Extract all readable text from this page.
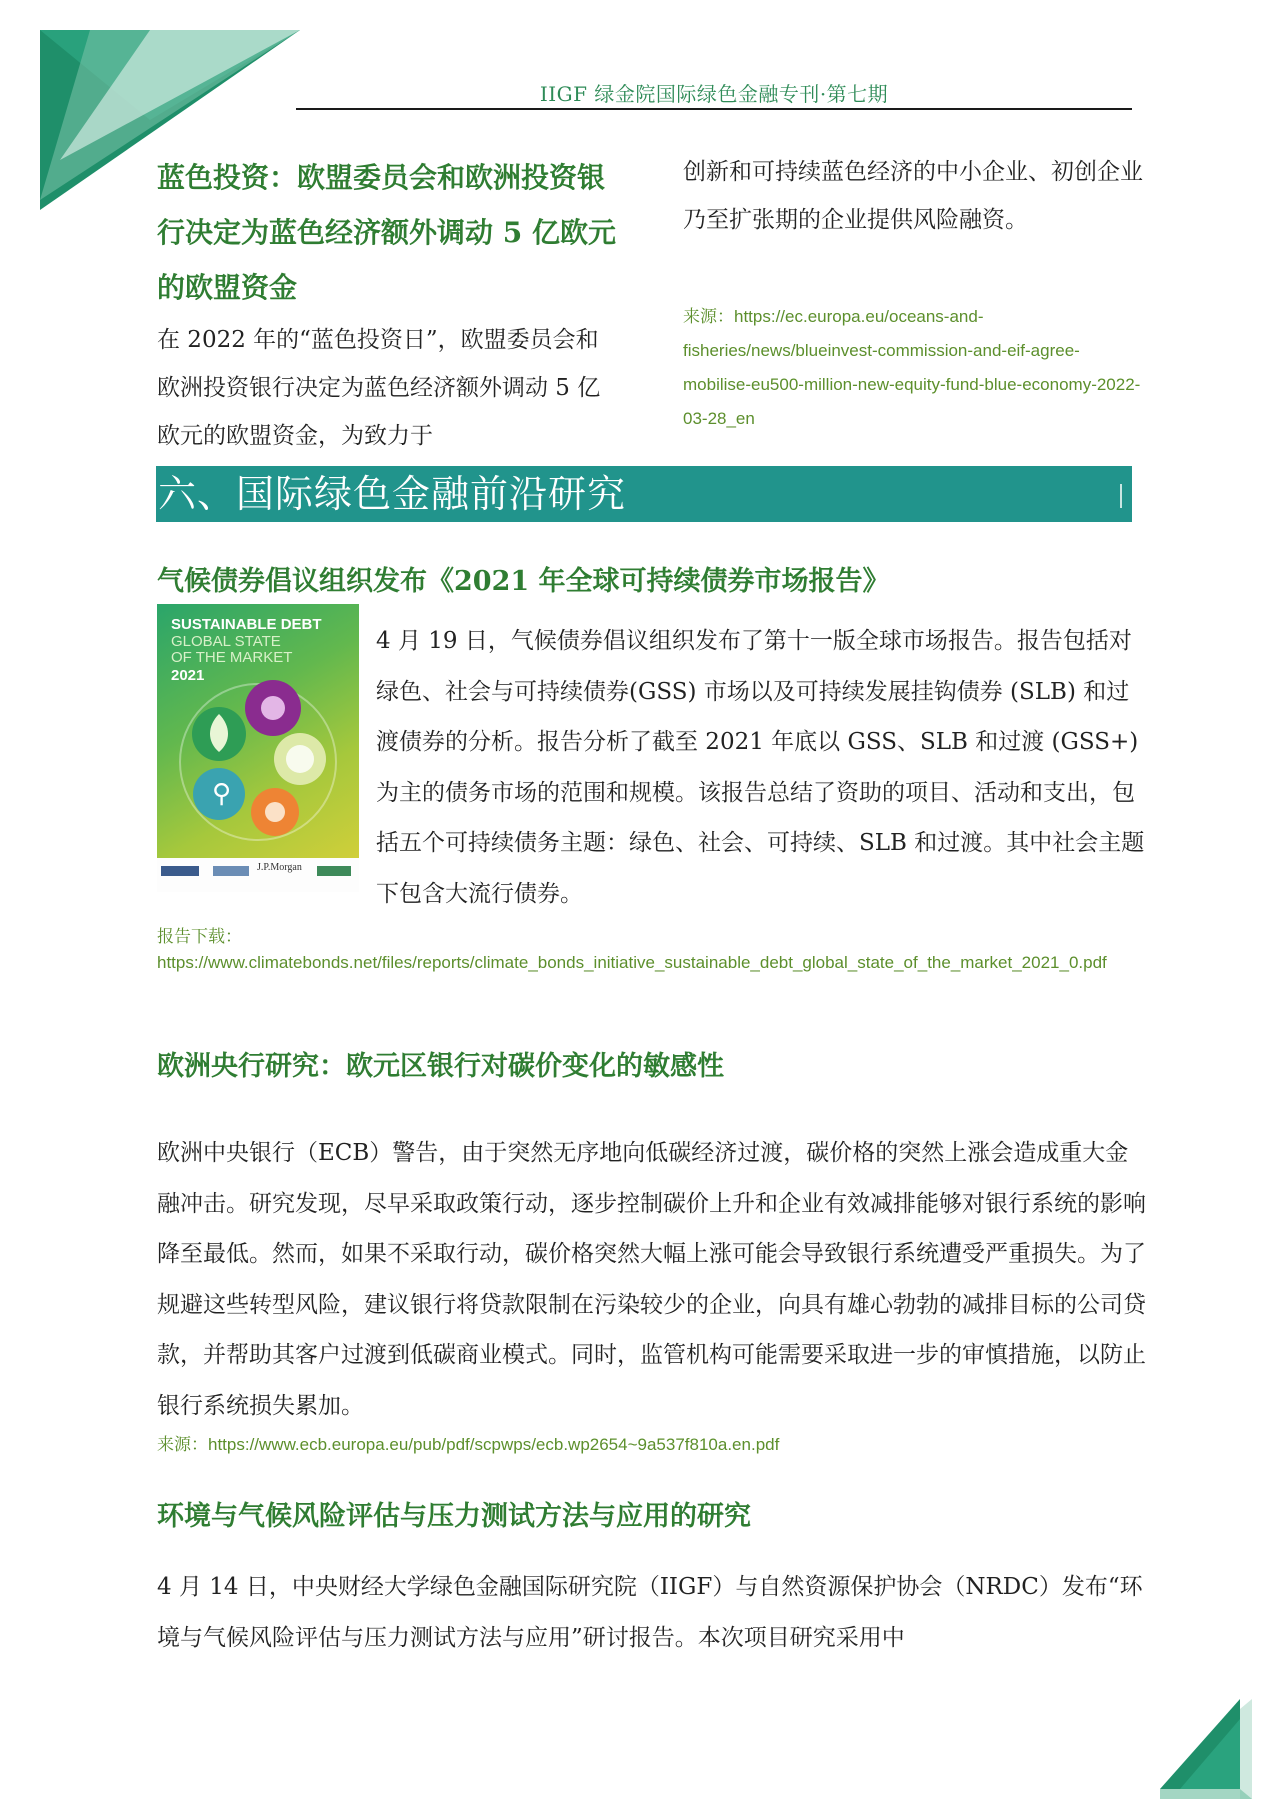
IIGF 绿金院国际绿色金融专刊·第七期
蓝色投资：欧盟委员会和欧洲投资银行决定为蓝色经济额外调动 5 亿欧元的欧盟资金
在 2022 年的“蓝色投资日”，欧盟委员会和欧洲投资银行决定为蓝色经济额外调动 5 亿欧元的欧盟资金，为致力于
创新和可持续蓝色经济的中小企业、初创企业乃至扩张期的企业提供风险融资。
来源：https://ec.europa.eu/oceans-and-fisheries/news/blueinvest-commission-and-eif-agree-mobilise-eu500-million-new-equity-fund-blue-economy-2022-03-28_en
六、国际绿色金融前沿研究
气候债券倡议组织发布《2021 年全球可持续债券市场报告》
SUSTAINABLE DEBT
GLOBAL STATE
OF THE MARKET
2021
⚲
J.P.Morgan
4 月 19 日，气候债券倡议组织发布了第十一版全球市场报告。报告包括对绿色、社会与可持续债券(GSS) 市场以及可持续发展挂钩债券 (SLB) 和过渡债券的分析。报告分析了截至 2021 年底以 GSS、SLB 和过渡 (GSS+) 为主的债务市场的范围和规模。该报告总结了资助的项目、活动和支出，包括五个可持续债务主题：绿色、社会、可持续、SLB 和过渡。其中社会主题下包含大流行债券。
报告下载：
https://www.climatebonds.net/files/reports/climate_bonds_initiative_sustainable_debt_global_state_of_the_market_2021_0.pdf
欧洲央行研究：欧元区银行对碳价变化的敏感性
欧洲中央银行（ECB）警告，由于突然无序地向低碳经济过渡，碳价格的突然上涨会造成重大金融冲击。研究发现，尽早采取政策行动，逐步控制碳价上升和企业有效减排能够对银行系统的影响降至最低。然而，如果不采取行动，碳价格突然大幅上涨可能会导致银行系统遭受严重损失。为了规避这些转型风险，建议银行将贷款限制在污染较少的企业，向具有雄心勃勃的减排目标的公司贷款，并帮助其客户过渡到低碳商业模式。同时，监管机构可能需要采取进一步的审慎措施，以防止银行系统损失累加。
来源：https://www.ecb.europa.eu/pub/pdf/scpwps/ecb.wp2654~9a537f810a.en.pdf
环境与气候风险评估与压力测试方法与应用的研究
4 月 14 日，中央财经大学绿色金融国际研究院（IIGF）与自然资源保护协会（NRDC）发布“环境与气候风险评估与压力测试方法与应用”研讨报告。本次项目研究采用中
